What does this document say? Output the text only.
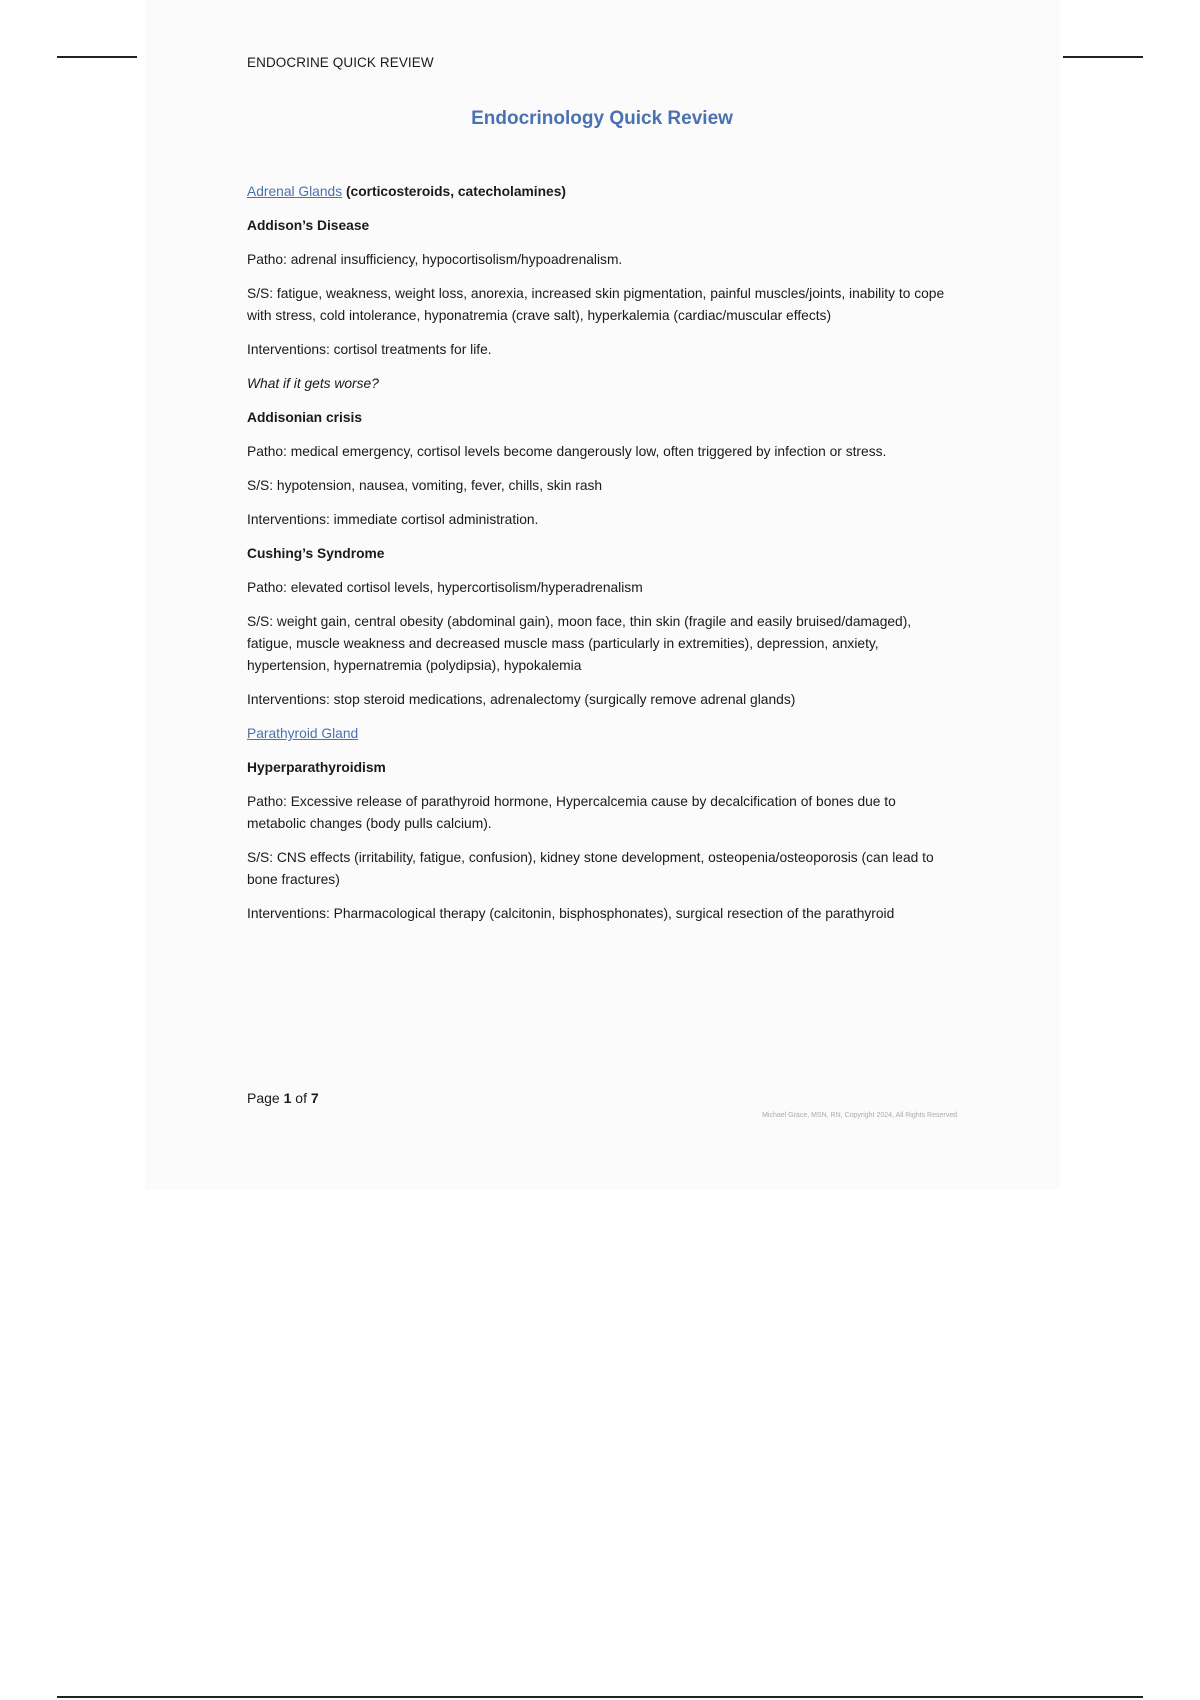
ENDOCRINE QUICK REVIEW
Endocrinology Quick Review

Adrenal Glands (corticosteroids, catecholamines)

Addison’s Disease

Patho: adrenal insufficiency, hypocortisolism/hypoadrenalism.

S/S: fatigue, weakness, weight loss, anorexia, increased skin pigmentation, painful muscles/joints, inability to cope with stress, cold intolerance, hyponatremia (crave salt), hyperkalemia (cardiac/muscular effects)

Interventions: cortisol treatments for life.

What if it gets worse?

Addisonian crisis

Patho: medical emergency, cortisol levels become dangerously low, often triggered by infection or stress.

S/S: hypotension, nausea, vomiting, fever, chills, skin rash

Interventions: immediate cortisol administration.

Cushing’s Syndrome

Patho: elevated cortisol levels, hypercortisolism/hyperadrenalism

S/S: weight gain, central obesity (abdominal gain), moon face, thin skin (fragile and easily bruised/damaged), fatigue, muscle weakness and decreased muscle mass (particularly in extremities), depression, anxiety, hypertension, hypernatremia (polydipsia), hypokalemia

Interventions: stop steroid medications, adrenalectomy (surgically remove adrenal glands)

Parathyroid Gland

Hyperparathyroidism

Patho: Excessive release of parathyroid hormone, Hypercalcemia cause by decalcification of bones due to metabolic changes (body pulls calcium).

S/S: CNS effects (irritability, fatigue, confusion), kidney stone development, osteopenia/osteoporosis (can lead to bone fractures)

Interventions: Pharmacological therapy (calcitonin, bisphosphonates), surgical resection of the parathyroid

Page 1 of 7
Michael Grace, MSN, RN, Copyright 2024, All Rights Reserved
